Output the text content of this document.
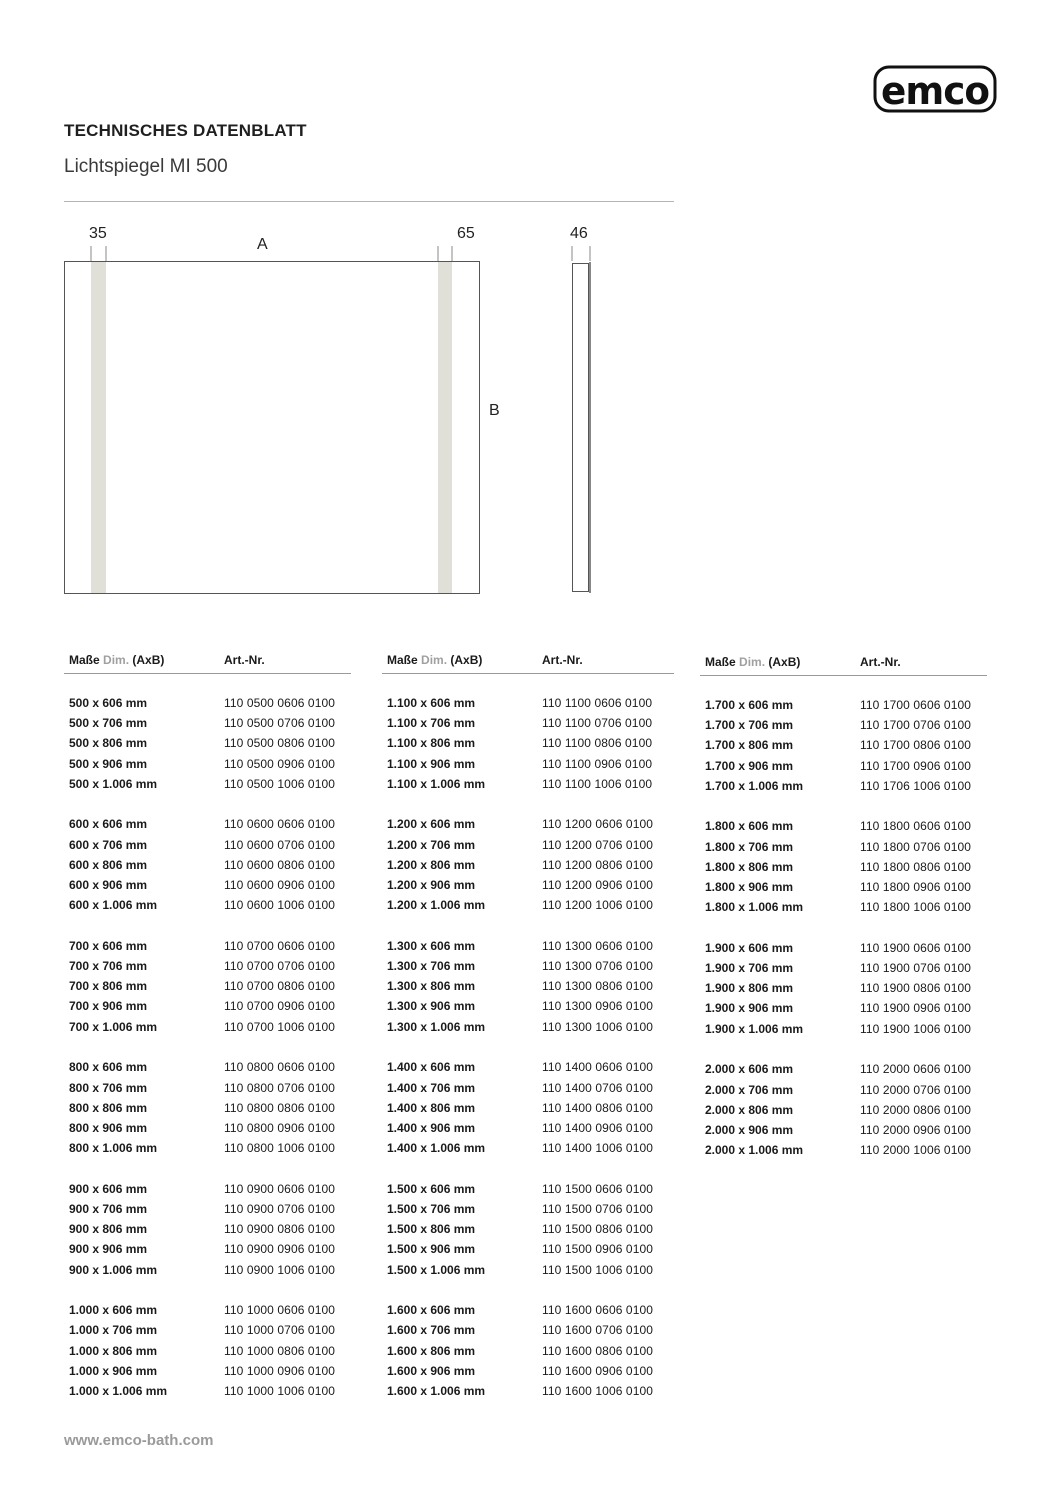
emco
TECHNISCHES DATENBLATT
Lichtspiegel MI 500
35
A
65	46
B
Maße Dim. (AxB)	Art.-Nr.
500 x 606 mm	110 0500 0606 0100
500 x 706 mm	110 0500 0706 0100
500 x 806 mm	110 0500 0806 0100
500 x 906 mm	110 0500 0906 0100
500 x 1.006 mm	110 0500 1006 0100
600 x 606 mm	110 0600 0606 0100
600 x 706 mm	110 0600 0706 0100
600 x 806 mm	110 0600 0806 0100
600 x 906 mm	110 0600 0906 0100
600 x 1.006 mm	110 0600 1006 0100
700 x 606 mm	110 0700 0606 0100
700 x 706 mm	110 0700 0706 0100
700 x 806 mm	110 0700 0806 0100
700 x 906 mm	110 0700 0906 0100
700 x 1.006 mm	110 0700 1006 0100
800 x 606 mm	110 0800 0606 0100
800 x 706 mm	110 0800 0706 0100
800 x 806 mm	110 0800 0806 0100
800 x 906 mm	110 0800 0906 0100
800 x 1.006 mm	110 0800 1006 0100
900 x 606 mm	110 0900 0606 0100
900 x 706 mm	110 0900 0706 0100
900 x 806 mm	110 0900 0806 0100
900 x 906 mm	110 0900 0906 0100
900 x 1.006 mm	110 0900 1006 0100
1.000 x 606 mm	110 1000 0606 0100
1.000 x 706 mm	110 1000 0706 0100
1.000 x 806 mm	110 1000 0806 0100
1.000 x 906 mm	110 1000 0906 0100
1.000 x 1.006 mm	110 1000 1006 0100
Maße Dim. (AxB)	Art.-Nr.
1.100 x 606 mm	110 1100 0606 0100
1.100 x 706 mm	110 1100 0706 0100
1.100 x 806 mm	110 1100 0806 0100
1.100 x 906 mm	110 1100 0906 0100
1.100 x 1.006 mm	110 1100 1006 0100
1.200 x 606 mm	110 1200 0606 0100
1.200 x 706 mm	110 1200 0706 0100
1.200 x 806 mm	110 1200 0806 0100
1.200 x 906 mm	110 1200 0906 0100
1.200 x 1.006 mm	110 1200 1006 0100
1.300 x 606 mm	110 1300 0606 0100
1.300 x 706 mm	110 1300 0706 0100
1.300 x 806 mm	110 1300 0806 0100
1.300 x 906 mm	110 1300 0906 0100
1.300 x 1.006 mm	110 1300 1006 0100
1.400 x 606 mm	110 1400 0606 0100
1.400 x 706 mm	110 1400 0706 0100
1.400 x 806 mm	110 1400 0806 0100
1.400 x 906 mm	110 1400 0906 0100
1.400 x 1.006 mm	110 1400 1006 0100
1.500 x 606 mm	110 1500 0606 0100
1.500 x 706 mm	110 1500 0706 0100
1.500 x 806 mm	110 1500 0806 0100
1.500 x 906 mm	110 1500 0906 0100
1.500 x 1.006 mm	110 1500 1006 0100
1.600 x 606 mm	110 1600 0606 0100
1.600 x 706 mm	110 1600 0706 0100
1.600 x 806 mm	110 1600 0806 0100
1.600 x 906 mm	110 1600 0906 0100
1.600 x 1.006 mm	110 1600 1006 0100
Maße Dim. (AxB)	Art.-Nr.
1.700 x 606 mm	110 1700 0606 0100
1.700 x 706 mm	110 1700 0706 0100
1.700 x 806 mm	110 1700 0806 0100
1.700 x 906 mm	110 1700 0906 0100
1.700 x 1.006 mm	110 1706 1006 0100
1.800 x 606 mm	110 1800 0606 0100
1.800 x 706 mm	110 1800 0706 0100
1.800 x 806 mm	110 1800 0806 0100
1.800 x 906 mm	110 1800 0906 0100
1.800 x 1.006 mm	110 1800 1006 0100
1.900 x 606 mm	110 1900 0606 0100
1.900 x 706 mm	110 1900 0706 0100
1.900 x 806 mm	110 1900 0806 0100
1.900 x 906 mm	110 1900 0906 0100
1.900 x 1.006 mm	110 1900 1006 0100
2.000 x 606 mm	110 2000 0606 0100
2.000 x 706 mm	110 2000 0706 0100
2.000 x 806 mm	110 2000 0806 0100
2.000 x 906 mm	110 2000 0906 0100
2.000 x 1.006 mm	110 2000 1006 0100
www.emco-bath.com
